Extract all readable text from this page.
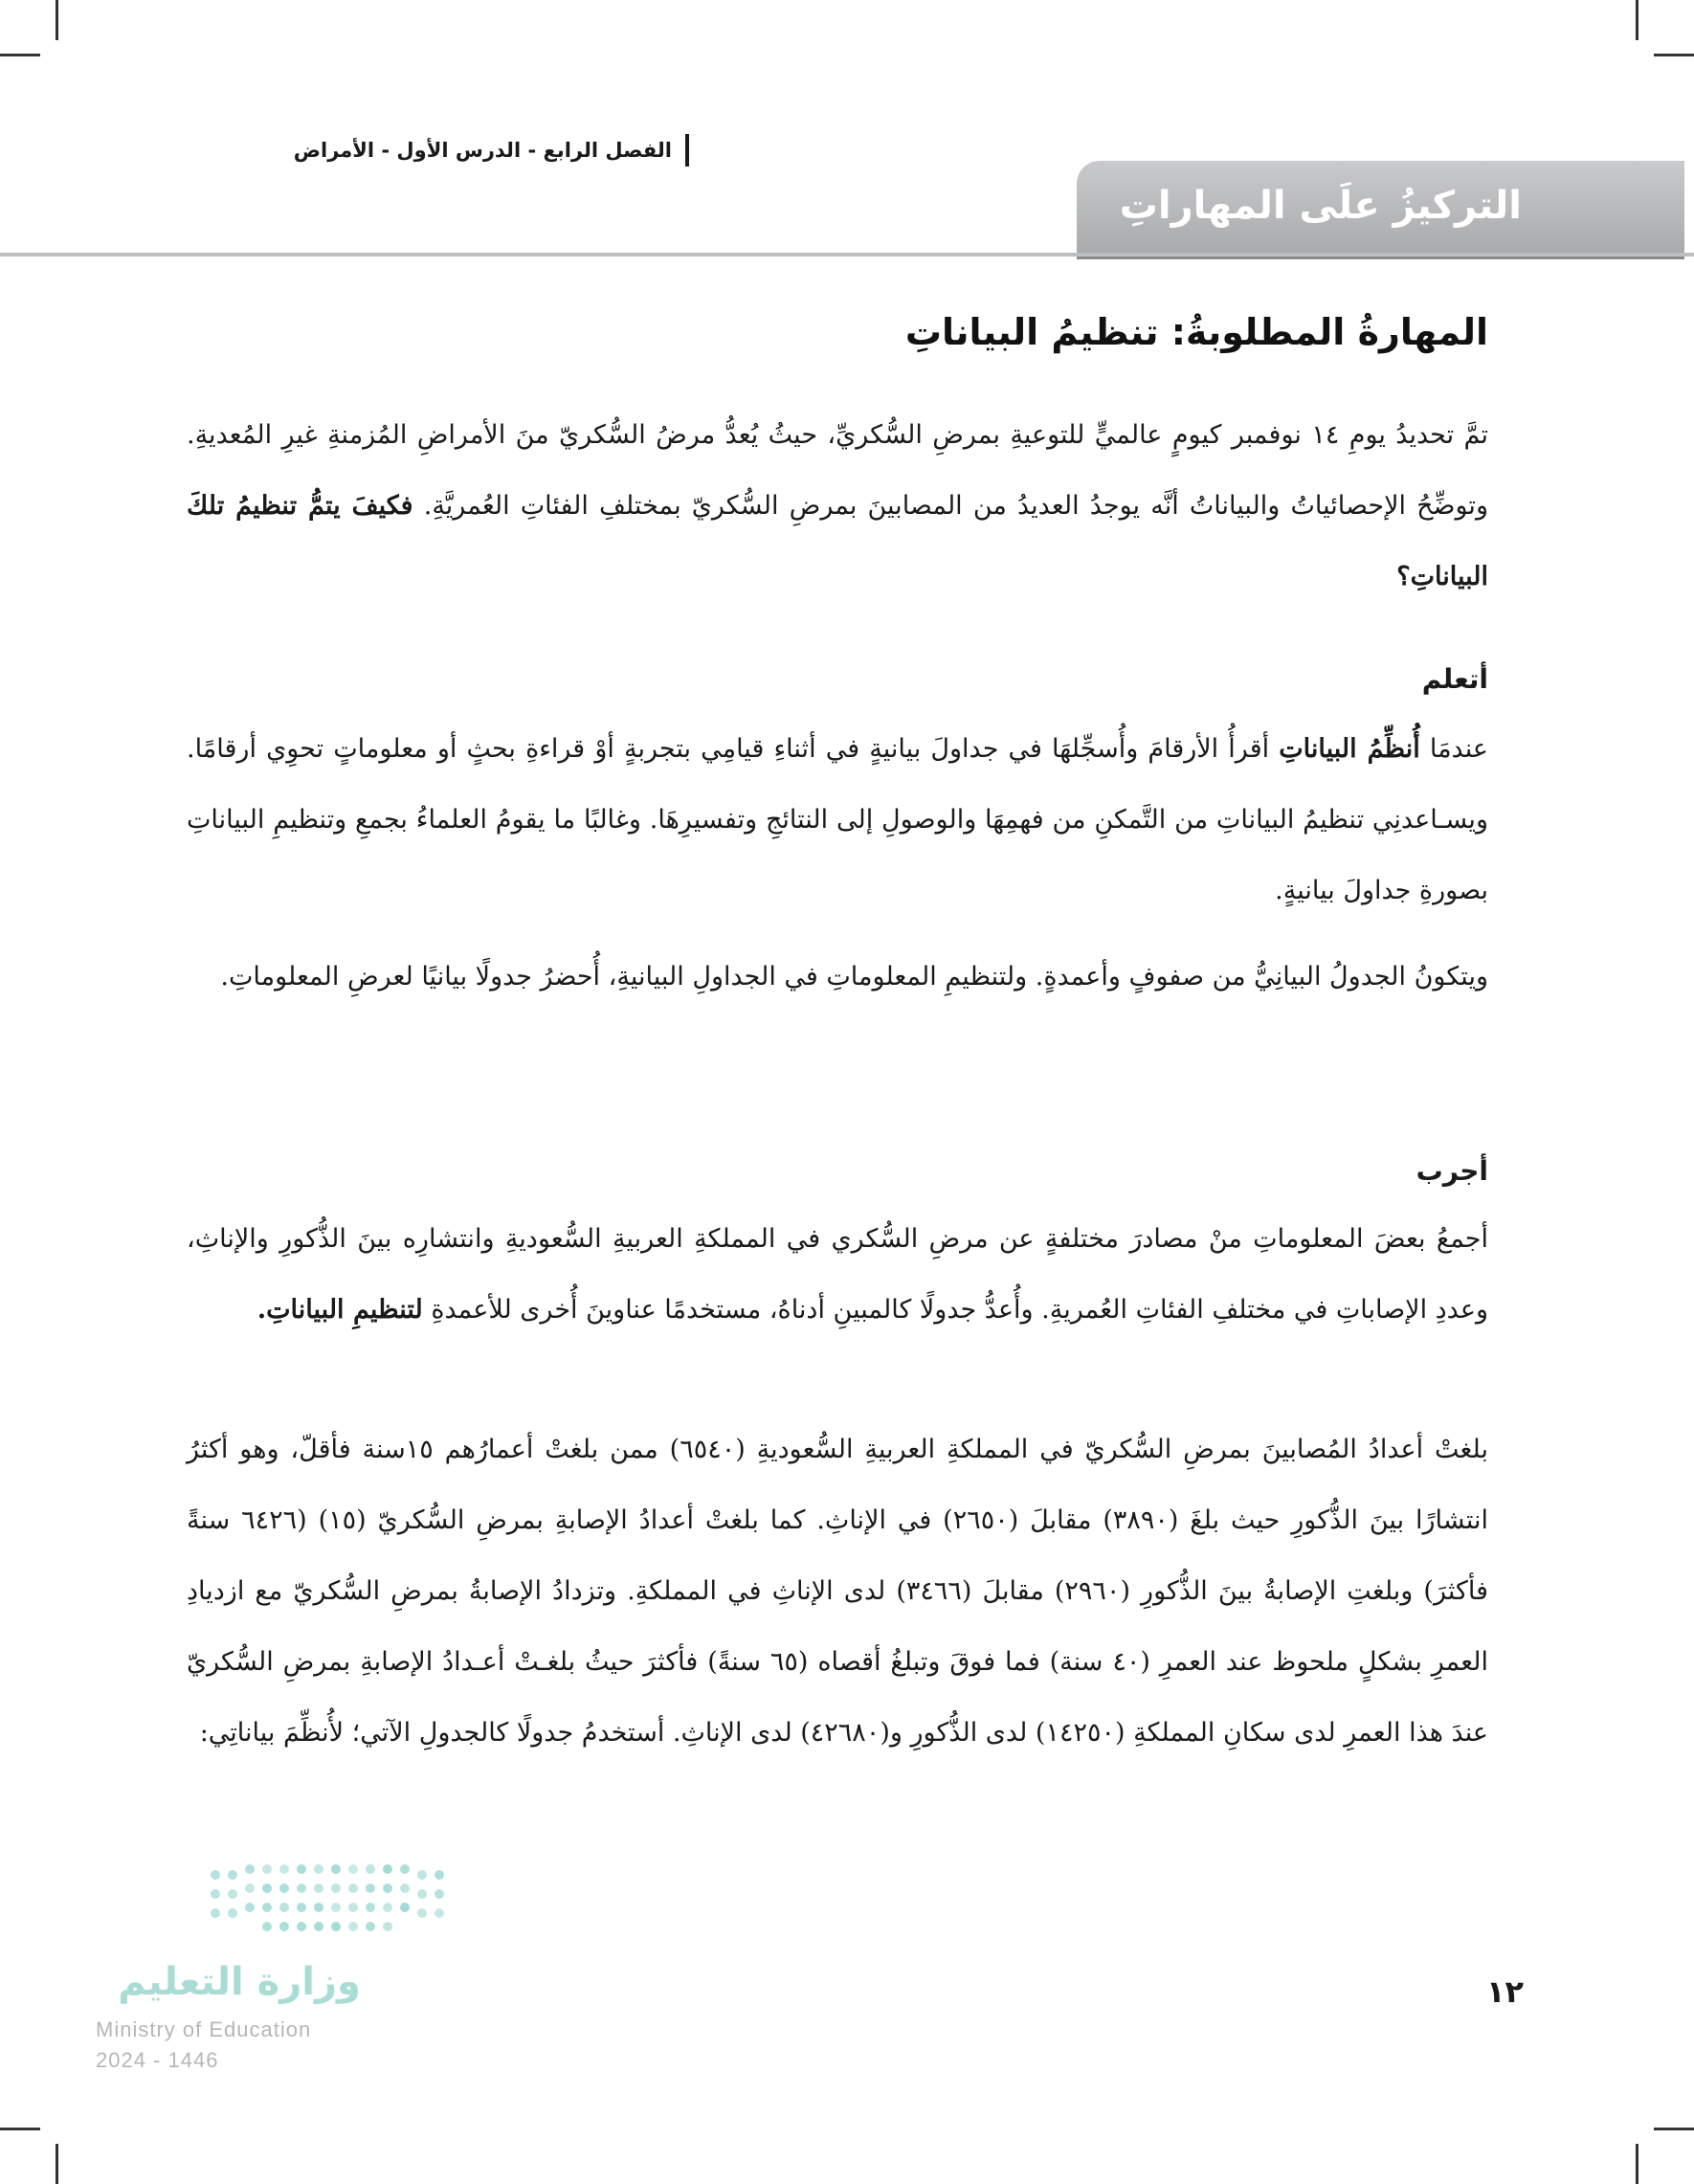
الفصل الرابع - الدرس الأول - الأمراض
التركيزُ علَى المهاراتِ
المهارةُ المطلوبةُ: تنظيمُ البياناتِ
تمَّ تحديدُ يومِ ١٤ نوفمبر كيومٍ عالميٍّ للتوعيةِ بمرضِ السُّكريِّ، حيثُ يُعدُّ مرضُ السُّكريّ منَ الأمراضِ المُزمنةِ غيرِ المُعديةِ. وتوضِّحُ الإحصائياتُ والبياناتُ أنَّه يوجدُ العديدُ من المصابينَ بمرضِ السُّكريّ بمختلفِ الفئاتِ العُمريَّةِ. فكيفَ يتمُّ تنظيمُ تلكَ البياناتِ؟
أتعلم
عندمَا أُنظِّمُ البياناتِ أقرأُ الأرقامَ وأُسجِّلهَا في جداولَ بيانيةٍ في أثناءِ قيامِي بتجربةٍ أوْ قراءةِ بحثٍ أو معلوماتٍ تحوِي أرقامًا. ويسـاعدنِي تنظيمُ البياناتِ من التَّمكنِ من فهمِهَا والوصولِ إلى النتائجِ وتفسيرِهَا. وغالبًا ما يقومُ العلماءُ بجمعِ وتنظيمِ البياناتِ بصورةِ جداولَ بيانيةٍ.
ويتكونُ الجدولُ البيانِيُّ من صفوفٍ وأعمدةٍ. ولتنظيمِ المعلوماتِ في الجداولِ البيانيةِ، أُحضرُ جدولًا بيانيًا لعرضِ المعلوماتِ.
أجرب
أجمعُ بعضَ المعلوماتِ منْ مصادرَ مختلفةٍ عن مرضِ السُّكري في المملكةِ العربيةِ السُّعوديةِ وانتشارِه بينَ الذُّكورِ والإناثِ، وعددِ الإصاباتِ في مختلفِ الفئاتِ العُمريةِ. وأُعدُّ جدولًا كالمبينِ أدناهُ، مستخدمًا عناوينَ أُخرى للأعمدةِ لتنظيمِ البياناتِ.
بلغتْ أعدادُ المُصابينَ بمرضِ السُّكريّ في المملكةِ العربيةِ السُّعوديةِ (٦٥٤٠) ممن بلغتْ أعمارُهم ١٥سنة فأقلّ، وهو أكثرُ انتشارًا بينَ الذُّكورِ حيث بلغَ (٣٨٩٠) مقابلَ (٢٦٥٠) في الإناثِ. كما بلغتْ أعدادُ الإصابةِ بمرضِ السُّكريّ (١٥) (٦٤٢٦ سنةً فأكثرَ) وبلغتِ الإصابةُ بينَ الذُّكورِ (٢٩٦٠) مقابلَ (٣٤٦٦) لدى الإناثِ في المملكةِ. وتزدادُ الإصابةُ بمرضِ السُّكريّ مع ازديادِ العمرِ بشكلٍ ملحوظ عند العمرِ (٤٠ سنة) فما فوقَ وتبلغُ أقصاه (٦٥ سنةً) فأكثرَ حيثُ بلغـتْ أعـدادُ الإصابةِ بمرضِ السُّكريّ عندَ هذا العمرِ لدى سكانِ المملكةِ (١٤٢٥٠) لدى الذُّكورِ و(٤٢٦٨٠) لدى الإناثِ. أستخدمُ جدولًا كالجدولِ الآتي؛ لأُنظِّمَ بياناتِي:
وزارة التعليم
Ministry of Education
2024 - 1446
١٢
